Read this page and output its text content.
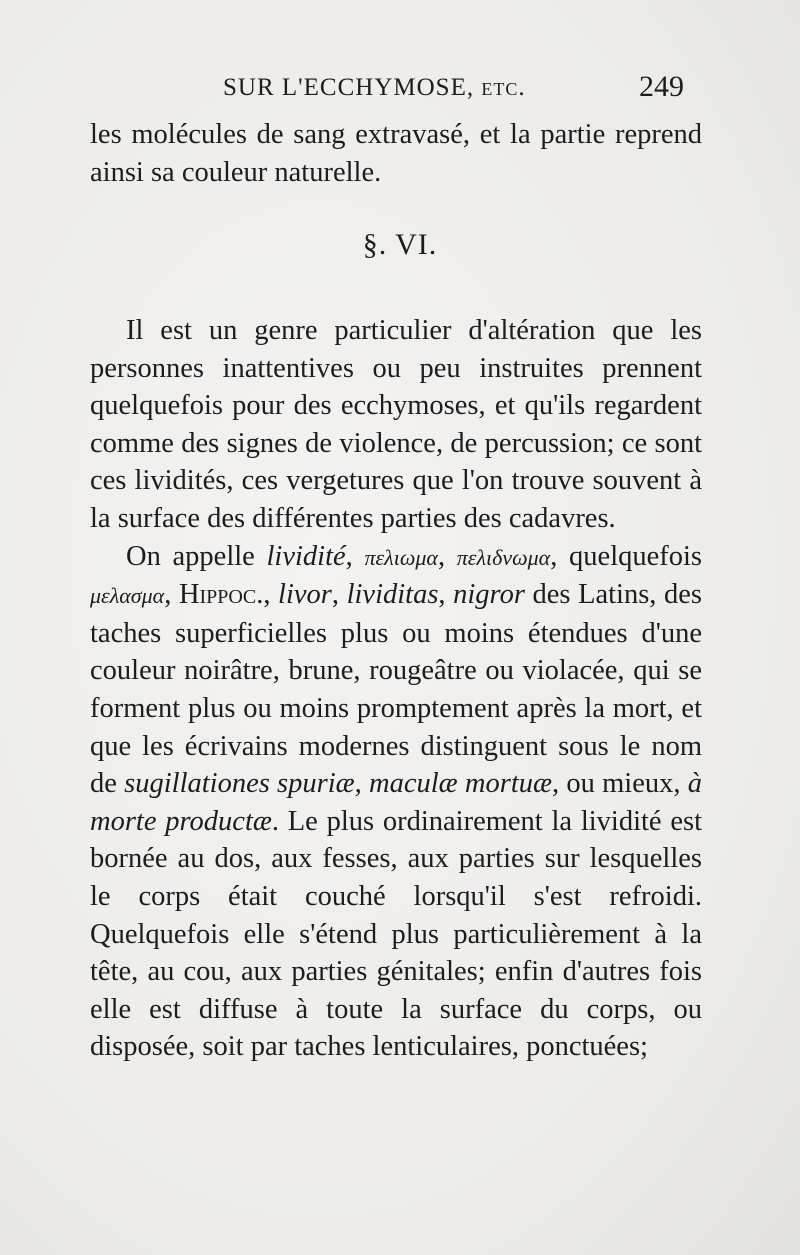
SUR L'ECCHYMOSE, etc.	249

les molécules de sang extravasé, et la partie reprend ainsi sa couleur naturelle.

§. VI.

Il est un genre particulier d'altération que les personnes inattentives ou peu instruites prennent quelquefois pour des ecchymoses, et qu'ils regardent comme des signes de violence, de percussion; ce sont ces lividités, ces vergetures que l'on trouve souvent à la surface des différentes parties des cadavres.

On appelle lividité, πελιωμα, πελιδνωμα, quelquefois μελασμα, Hippoc., livor, lividitas, nigror des Latins, des taches superficielles plus ou moins étendues d'une couleur noirâtre, brune, rougeâtre ou violacée, qui se forment plus ou moins promptement après la mort, et que les écrivains modernes distinguent sous le nom de sugillationes spuriæ, maculæ mortuæ, ou mieux, à morte productæ. Le plus ordinairement la lividité est bornée au dos, aux fesses, aux parties sur lesquelles le corps était couché lorsqu'il s'est refroidi. Quelquefois elle s'étend plus particulièrement à la tête, au cou, aux parties génitales; enfin d'autres fois elle est diffuse à toute la surface du corps, ou disposée, soit par taches lenticulaires, ponctuées;
